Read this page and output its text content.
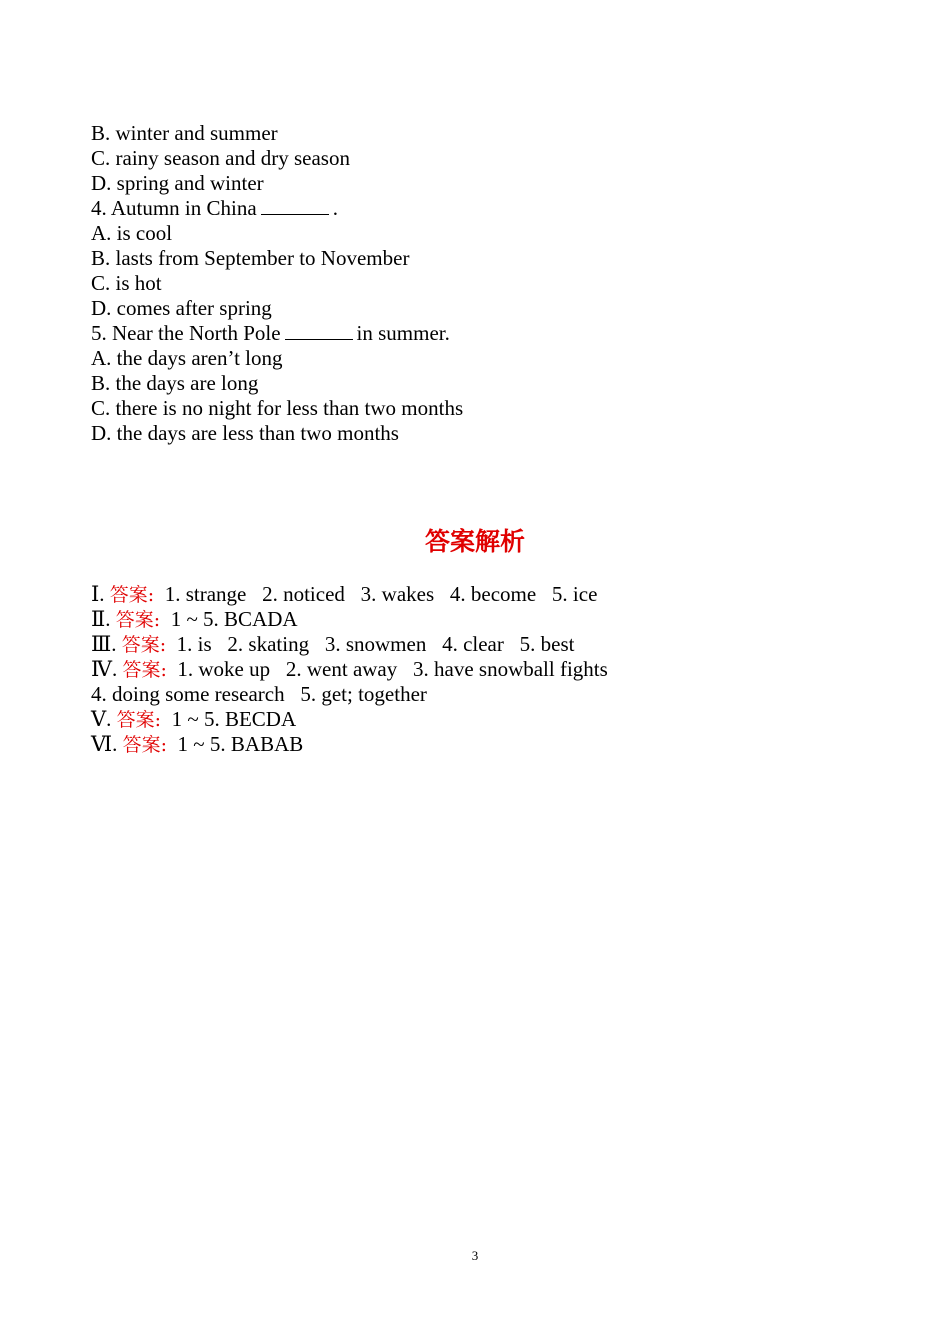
B. winter and summer
C. rainy season and dry season
D. spring and winter
4. Autumn in China	.
A. is cool
B. lasts from September to November
C. is hot
D. comes after spring
5. Near the North Pole	in summer.
A. the days aren’t long
B. the days are long
C. there is no night for less than two months
D. the days are less than two months
答案解析
Ⅰ. 答案: 1. strange   2. noticed   3. wakes   4. become   5. ice
Ⅱ. 答案:  1 ~ 5. BCADA
Ⅲ. 答案: 1. is   2. skating   3. snowmen   4. clear   5. best
Ⅳ. 答案: 1. woke up   2. went away   3. have snowball fights
4. doing some research   5. get; together
Ⅴ. 答案: 1 ~ 5. BECDA
Ⅵ. 答案: 1 ~ 5. BABAB
3
